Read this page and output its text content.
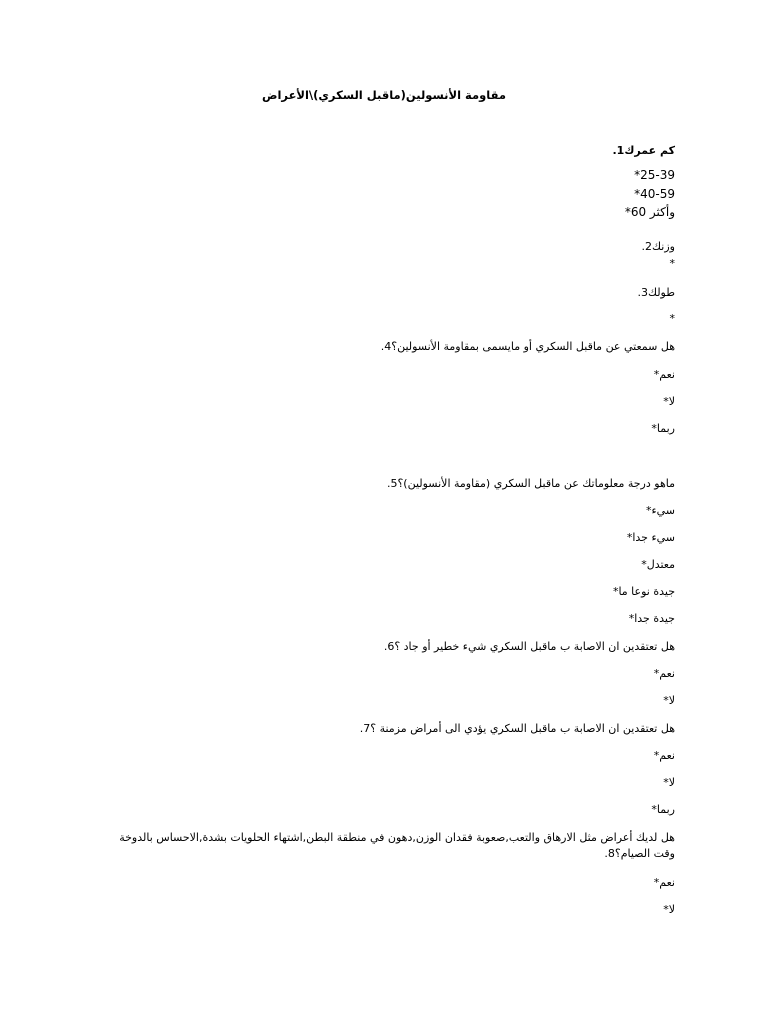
مقاومة الأنسولين(ماقبل السكري)\الأعراض
كم عمرك1.
25-39*
40-59*
وأكثر 60*
وزنك2.
*
طولك3.
*
هل سمعتي عن ماقبل السكري أو مايسمى بمقاومة الأنسولين؟4.
نعم*
لا*
ربما*
ماهو درجة معلوماتك عن ماقبل السكري (مقاومة الأنسولين)؟5.
سيء*
سيء جدا*
معتدل*
جيدة نوعا ما*
جيدة جدا*
هل تعتقدين ان الاصابة ب ماقبل السكري شيء خطير أو جاد ؟6.
نعم*
لا*
هل تعتقدين ان الاصابة ب ماقبل السكري يؤدي الى أمراض مزمنة ؟7.
نعم*
لا*
ربما*
هل لديك أعراض مثل الارهاق والتعب,صعوبة فقدان الوزن,دهون في منطقة البطن,اشتهاء الحلويات بشدة,الاحساس بالدوخة وقت الصيام؟8.
نعم*
لا*
